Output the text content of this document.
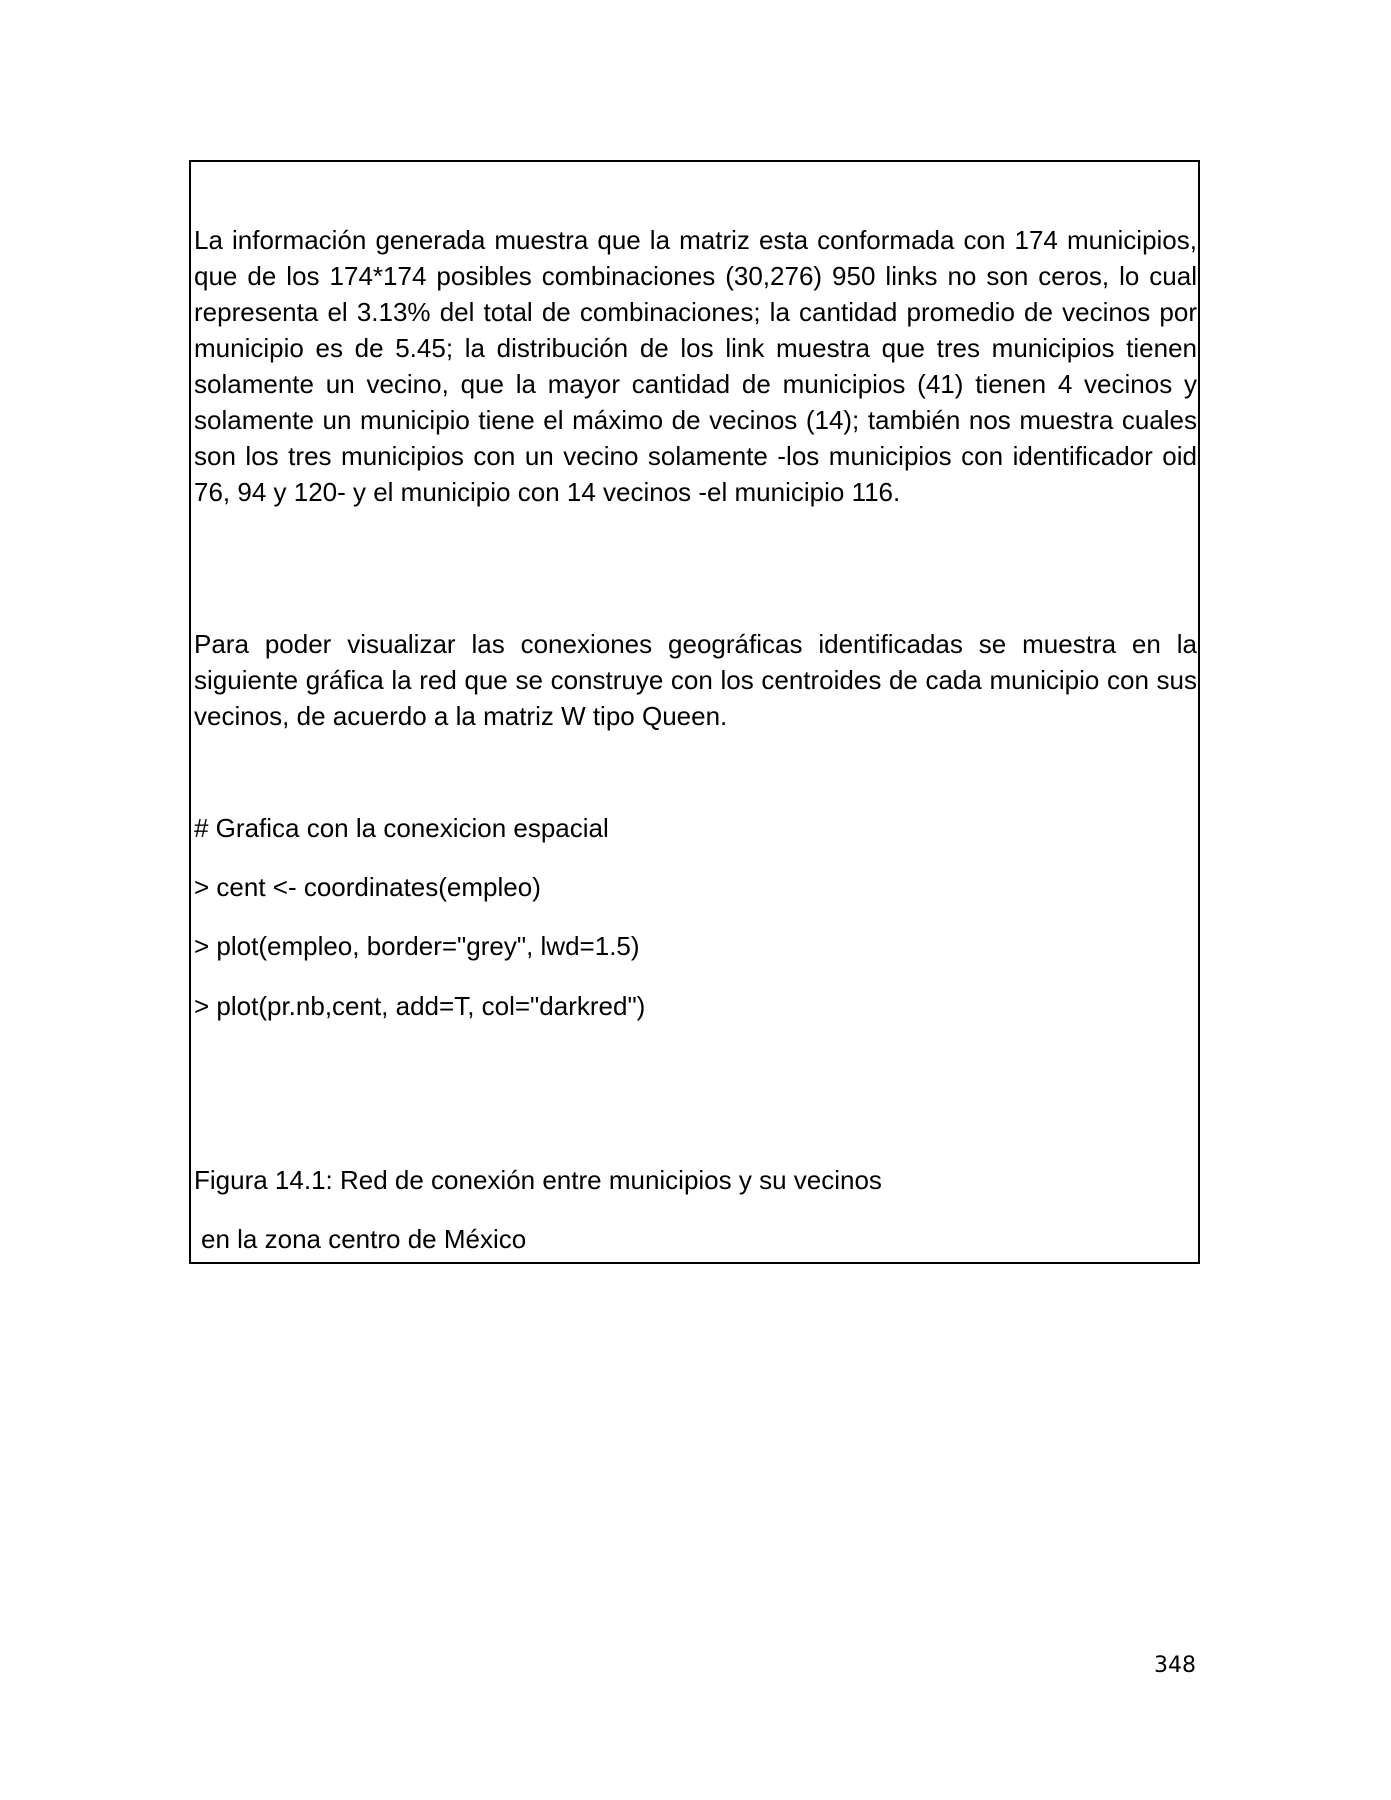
La información generada muestra que la matriz esta conformada con 174 municipios, que de los 174*174 posibles combinaciones (30,276) 950 links no son ceros, lo cual representa el 3.13% del total de combinaciones; la cantidad promedio de vecinos por municipio es de 5.45; la distribución de los link muestra que tres municipios tienen solamente un vecino, que la mayor cantidad de municipios (41) tienen 4 vecinos y solamente un municipio tiene el máximo de vecinos (14); también nos muestra cuales son los tres municipios con un vecino solamente -los municipios con identificador oid 76, 94 y 120- y el municipio con 14 vecinos -el municipio 116.

Para poder visualizar las conexiones geográficas identificadas se muestra en la siguiente gráfica la red que se construye con los centroides de cada municipio con sus vecinos, de acuerdo a la matriz W tipo Queen.

# Grafica con la conexicion espacial

> cent <- coordinates(empleo)

> plot(empleo, border="grey", lwd=1.5)

> plot(pr.nb,cent, add=T, col="darkred")

Figura 14.1: Red de conexión entre municipios y su vecinos

en la zona centro de México

348
